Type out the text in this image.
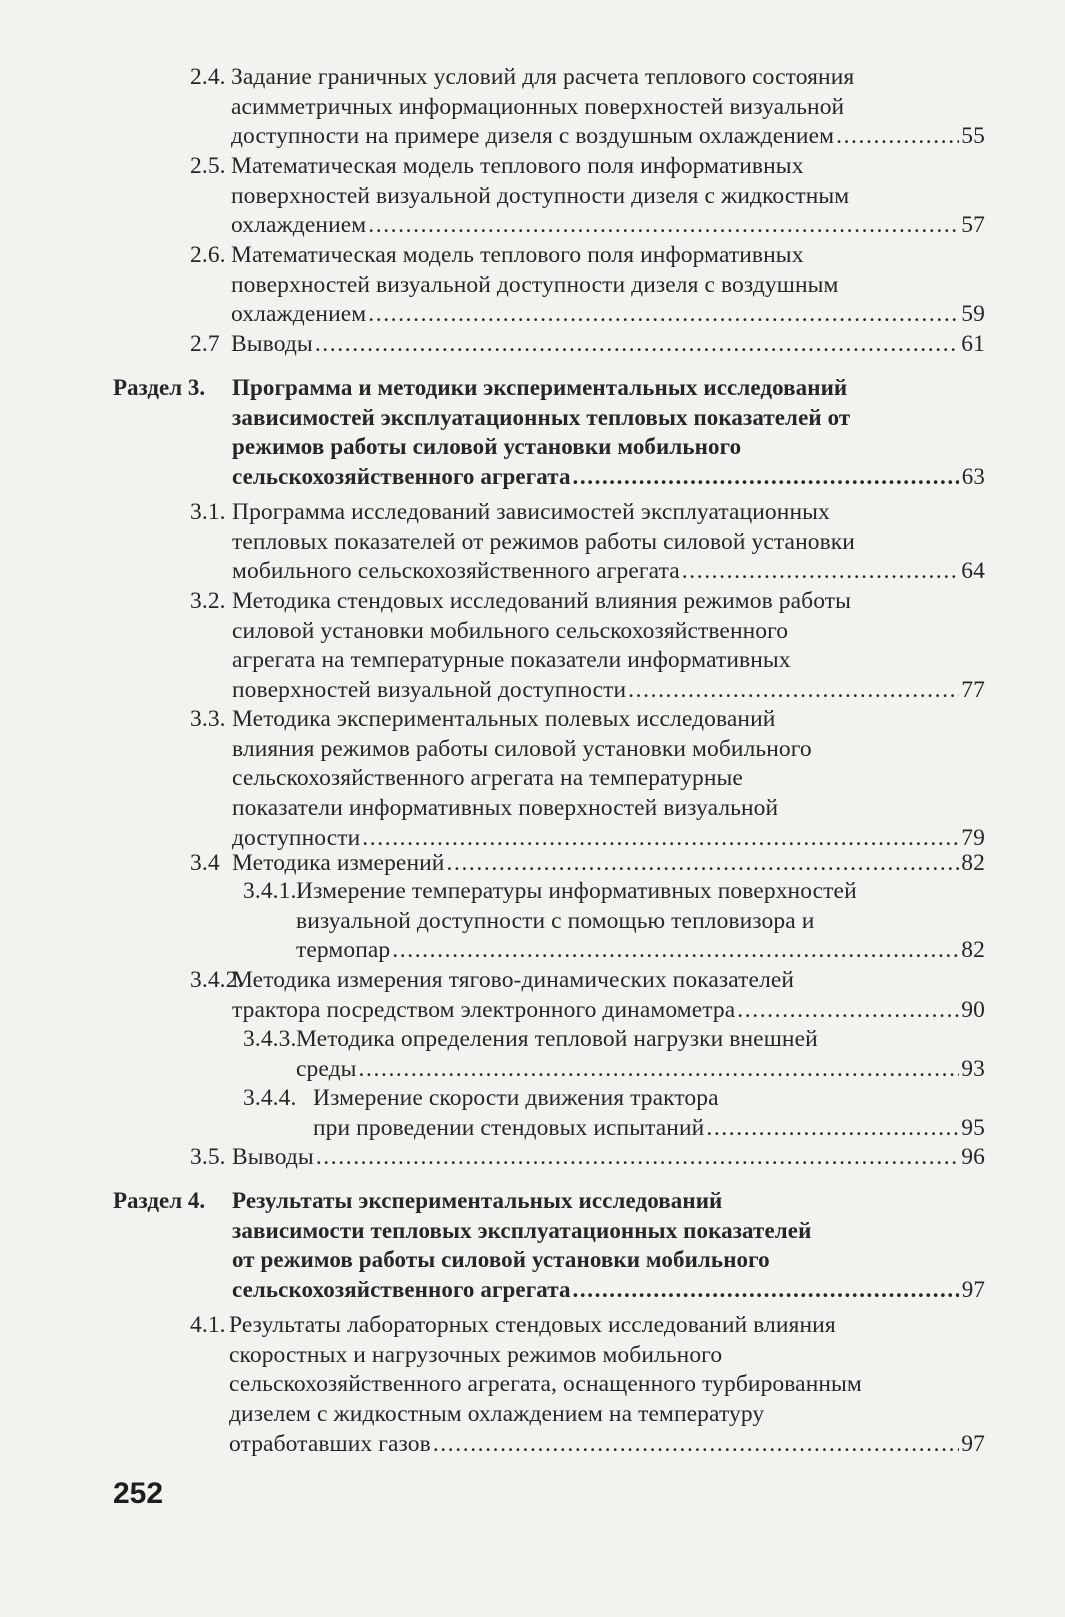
2.4. Задание граничных условий для расчета теплового состояния
асимметричных информационных поверхностей визуальной
доступности на примере дизеля с воздушным охлаждением .....	55
2.5. Математическая модель теплового поля информативных
поверхностей визуальной доступности дизеля с жидкостным
охлаждением .....	57
2.6. Математическая модель теплового поля информативных
поверхностей визуальной доступности дизеля с воздушным
охлаждением .....	59
2.7 Выводы .....	61
Раздел 3. Программа и методики экспериментальных исследований
зависимостей эксплуатационных тепловых показателей от
режимов работы силовой установки мобильного
сельскохозяйственного агрегата .....	63
3.1. Программа исследований зависимостей эксплуатационных
тепловых показателей от режимов работы силовой установки
мобильного сельскохозяйственного агрегата .....	64
3.2. Методика стендовых исследований влияния режимов работы
силовой установки мобильного сельскохозяйственного
агрегата на температурные показатели информативных
поверхностей визуальной доступности .....	77
3.3. Методика экспериментальных полевых исследований
влияния режимов работы силовой установки мобильного
сельскохозяйственного агрегата на температурные
показатели информативных поверхностей визуальной
доступности .....	79
3.4 Методика измерений .....	82
3.4.1. Измерение температуры информативных поверхностей
визуальной доступности с помощью тепловизора и
термопар .....	82
3.4.2.
Методика измерения тягово-динамических показателей
трактора посредством электронного динамометра .....	90
3.4.3. Методика определения тепловой нагрузки внешней
среды .....	93
3.4.4. Измерение скорости движения трактора
при проведении стендовых испытаний .....	95
3.5. Выводы .....	96
Раздел 4. Результаты экспериментальных исследований
зависимости тепловых эксплуатационных показателей
от режимов работы силовой установки мобильного
сельскохозяйственного агрегата .....	97
4.1. Результаты лабораторных стендовых исследований влияния
скоростных и нагрузочных режимов мобильного
сельскохозяйственного агрегата, оснащенного турбированным
дизелем с жидкостным охлаждением на температуру
отработавших газов .....	97
252
